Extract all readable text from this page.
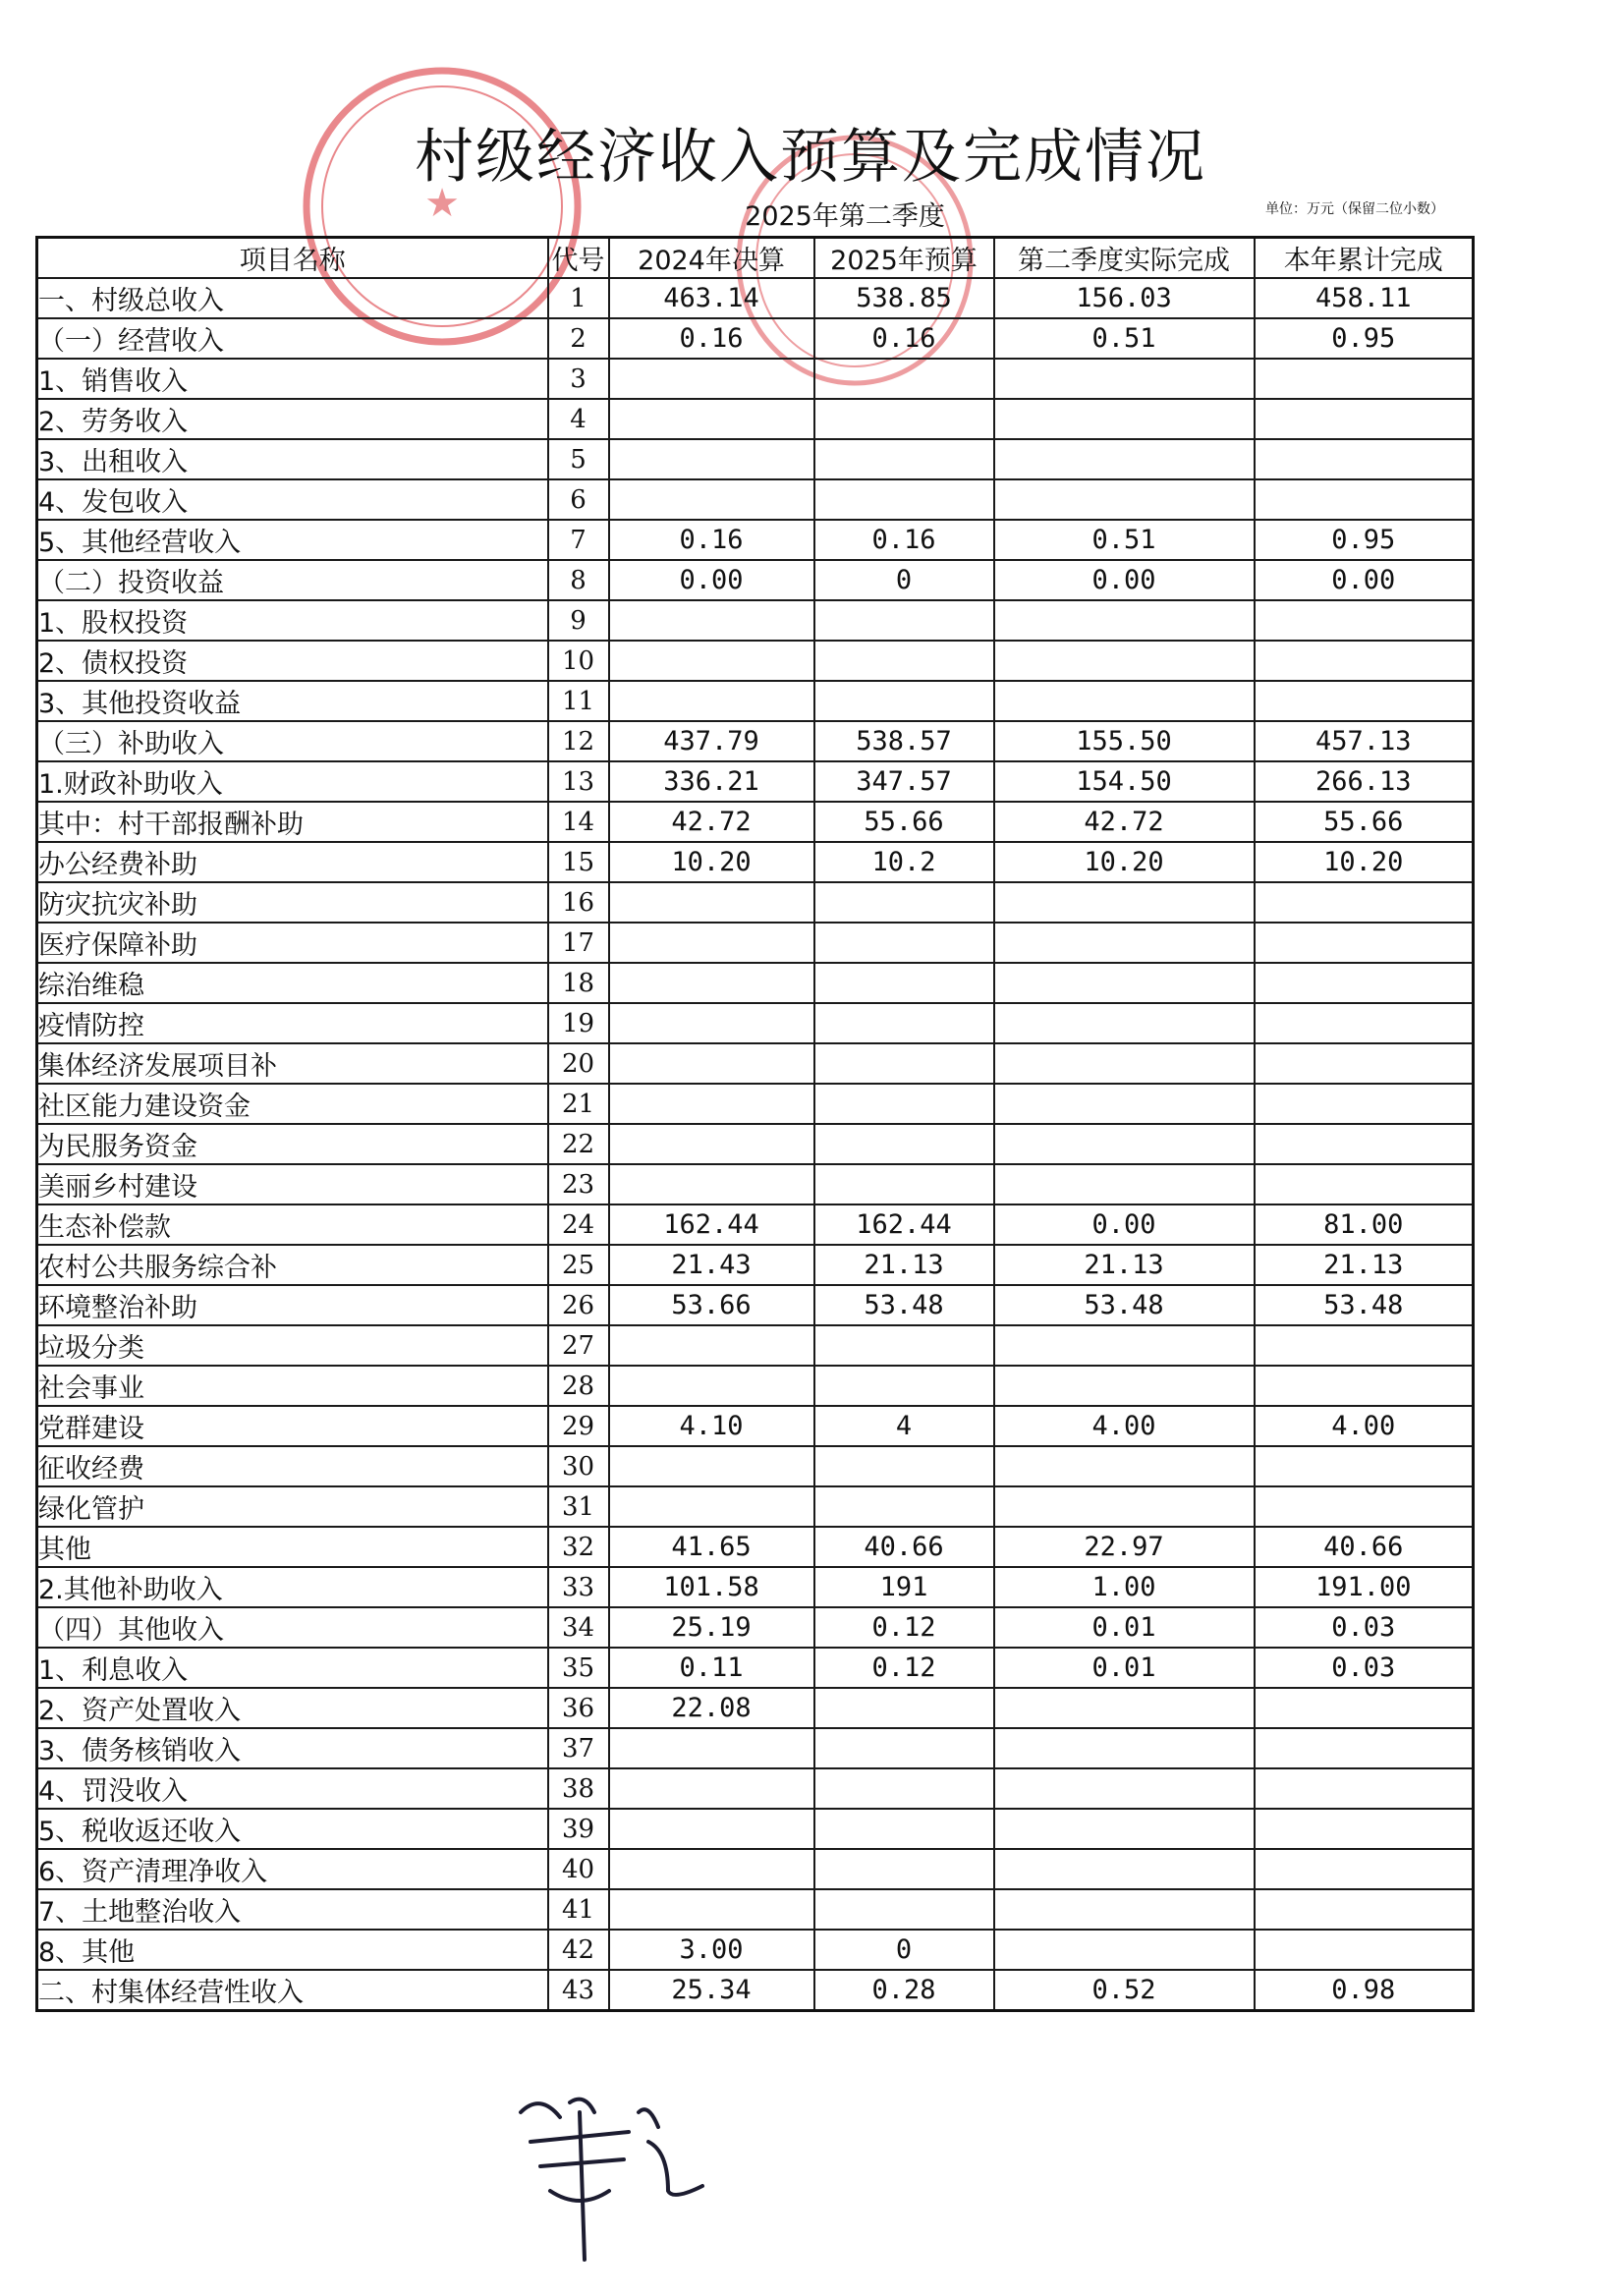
★
村级经济收入预算及完成情况
2025年第二季度	单位：万元（保留二位小数）
项目名称	代号	2024年决算	2025年预算	第二季度实际完成	本年累计完成
一、村级总收入	1	463.14	538.85	156.03	458.11
（一）经营收入	2	0.16	0.16	0.51	0.95
1、销售收入	3				
2、劳务收入	4				
3、出租收入	5				
4、发包收入	6				
5、其他经营收入	7	0.16	0.16	0.51	0.95
（二）投资收益	8	0.00	0	0.00	0.00
1、股权投资	9				
2、债权投资	10				
3、其他投资收益	11				
（三）补助收入	12	437.79	538.57	155.50	457.13
1.财政补助收入	13	336.21	347.57	154.50	266.13
其中：村干部报酬补助	14	42.72	55.66	42.72	55.66
办公经费补助	15	10.20	10.2	10.20	10.20
防灾抗灾补助	16				
医疗保障补助	17				
综治维稳	18				
疫情防控	19				
集体经济发展项目补	20				
社区能力建设资金	21				
为民服务资金	22				
美丽乡村建设	23				
生态补偿款	24	162.44	162.44	0.00	81.00
农村公共服务综合补	25	21.43	21.13	21.13	21.13
环境整治补助	26	53.66	53.48	53.48	53.48
垃圾分类	27				
社会事业	28				
党群建设	29	4.10	4	4.00	4.00
征收经费	30				
绿化管护	31				
其他	32	41.65	40.66	22.97	40.66
2.其他补助收入	33	101.58	191	1.00	191.00
（四）其他收入	34	25.19	0.12	0.01	0.03
1、利息收入	35	0.11	0.12	0.01	0.03
2、资产处置收入	36	22.08			
3、债务核销收入	37				
4、罚没收入	38				
5、税收返还收入	39				
6、资产清理净收入	40				
7、土地整治收入	41				
8、其他	42	3.00	0		
二、村集体经营性收入	43	25.34	0.28	0.52	0.98
